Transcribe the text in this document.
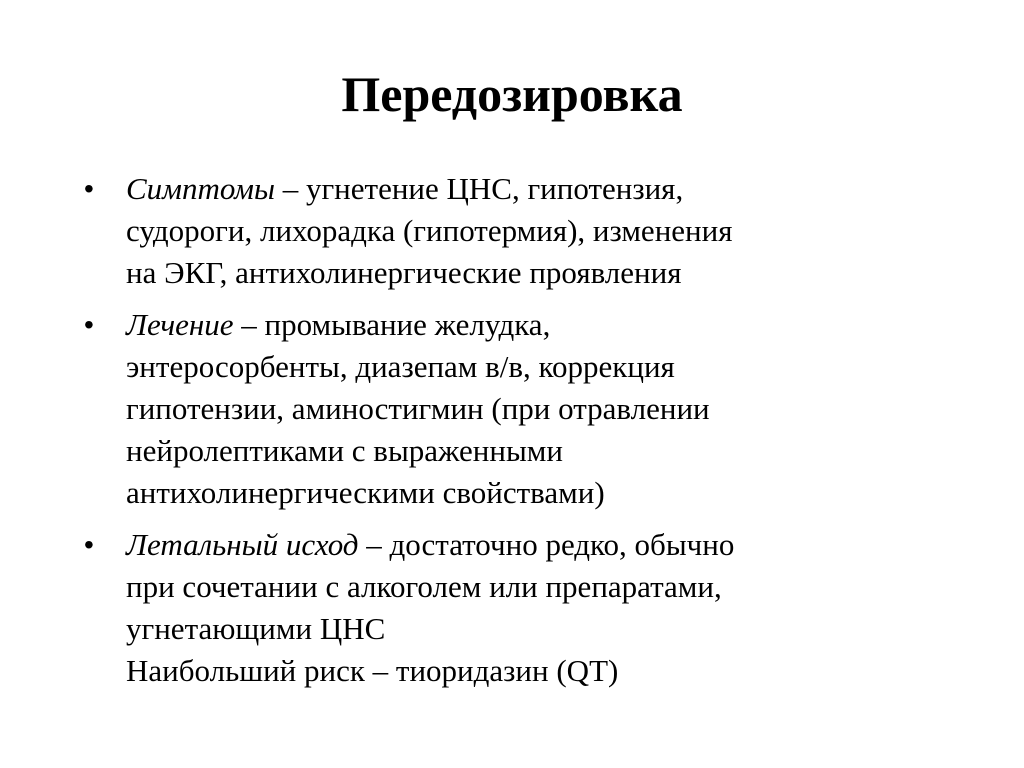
Передозировка
•	Симптомы – угнетение ЦНС, гипотензия,
судороги, лихорадка (гипотермия), изменения
на ЭКГ, антихолинергические проявления
•	Лечение – промывание желудка,
энтеросорбенты, диазепам в/в, коррекция
гипотензии, аминостигмин (при отравлении
нейролептиками с выраженными
антихолинергическими свойствами)
•	Летальный исход – достаточно редко, обычно
при сочетании с алкоголем или препаратами,
угнетающими ЦНС
Наибольший риск – тиоридазин (QT)
